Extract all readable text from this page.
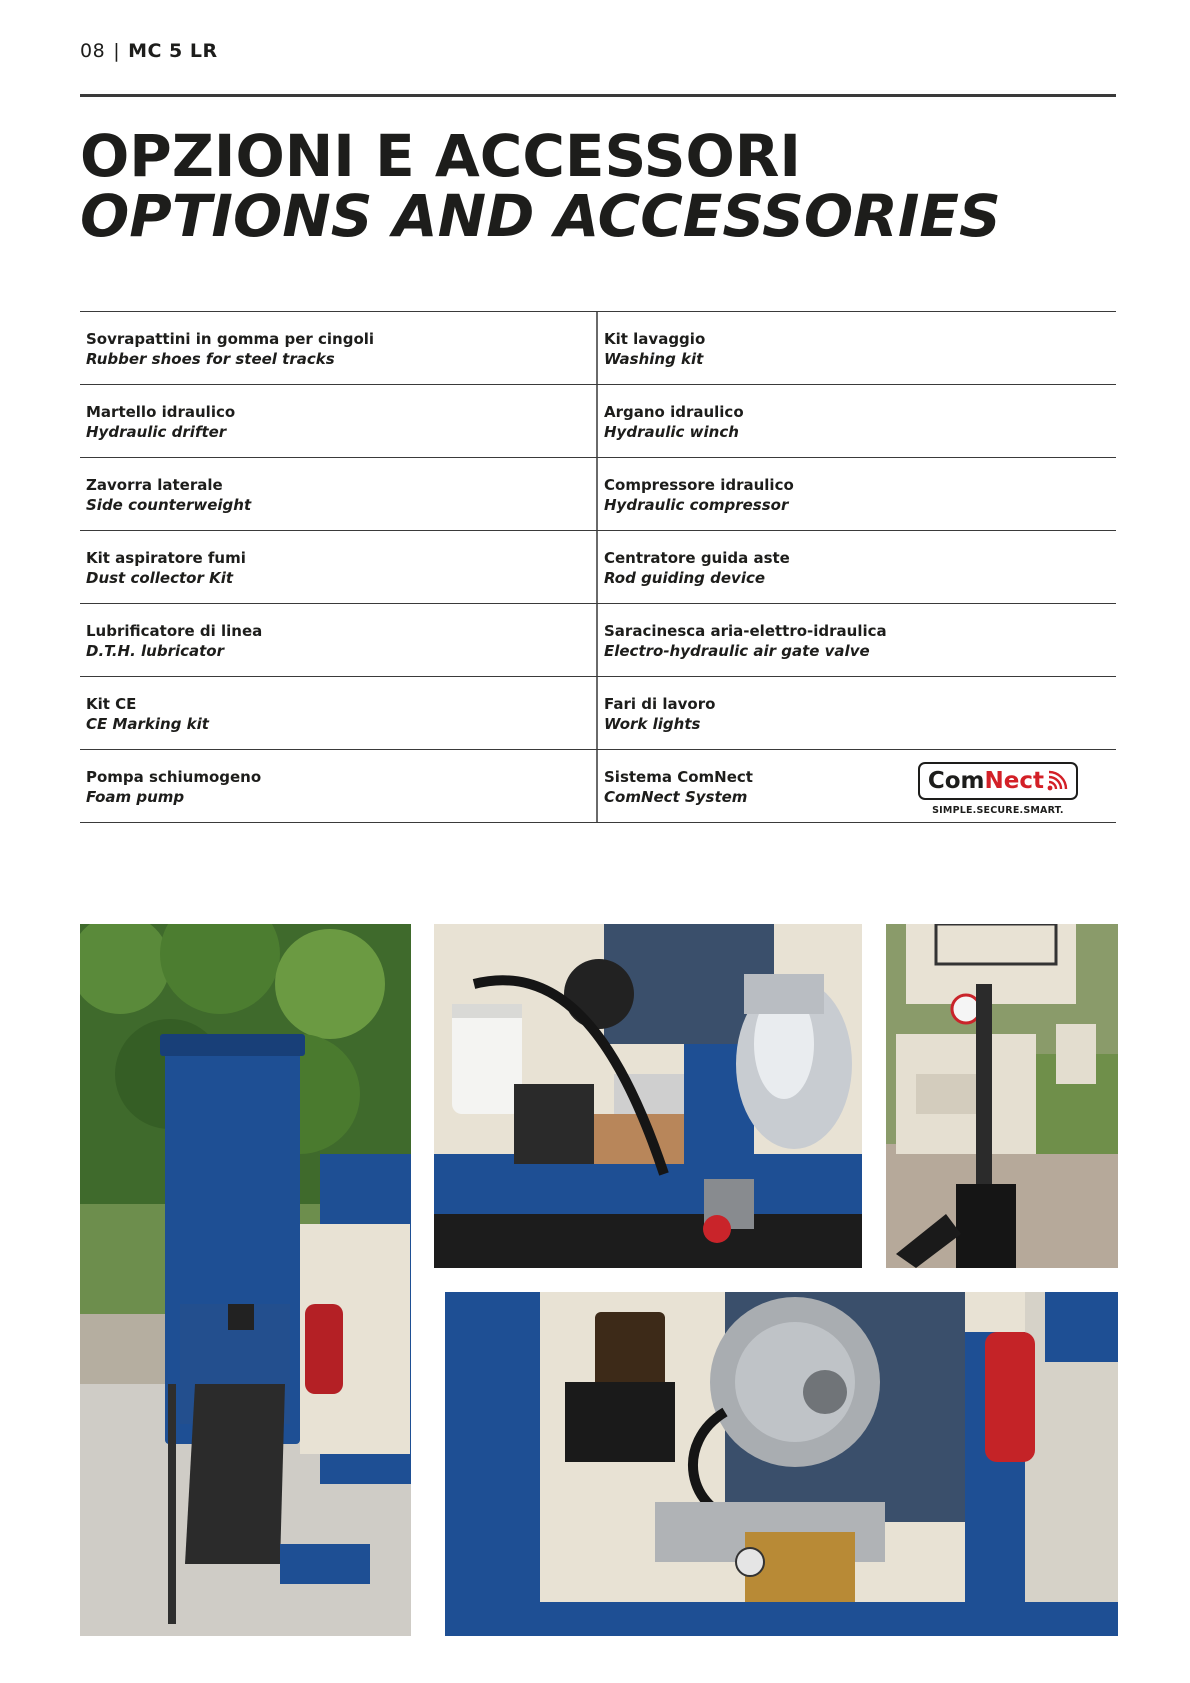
08 | MC 5 LR
OPZIONI E ACCESSORI
OPTIONS AND ACCESSORIES
Sovrapattini in gomma per cingoli
Rubber shoes for steel tracks
Kit lavaggio
Washing kit
Martello idraulico
Hydraulic drifter
Argano idraulico
Hydraulic winch
Zavorra laterale
Side counterweight
Compressore idraulico
Hydraulic compressor
Kit aspiratore fumi
Dust collector Kit
Centratore guida aste
Rod guiding device
Lubrificatore di linea
D.T.H. lubricator
Saracinesca aria-elettro-idraulica
Electro-hydraulic air gate valve
Kit CE
CE Marking kit
Fari di lavoro
Work lights
Pompa schiumogeno
Foam pump
Sistema ComNect
ComNect System
Com Nect
SIMPLE.SECURE.SMART.
